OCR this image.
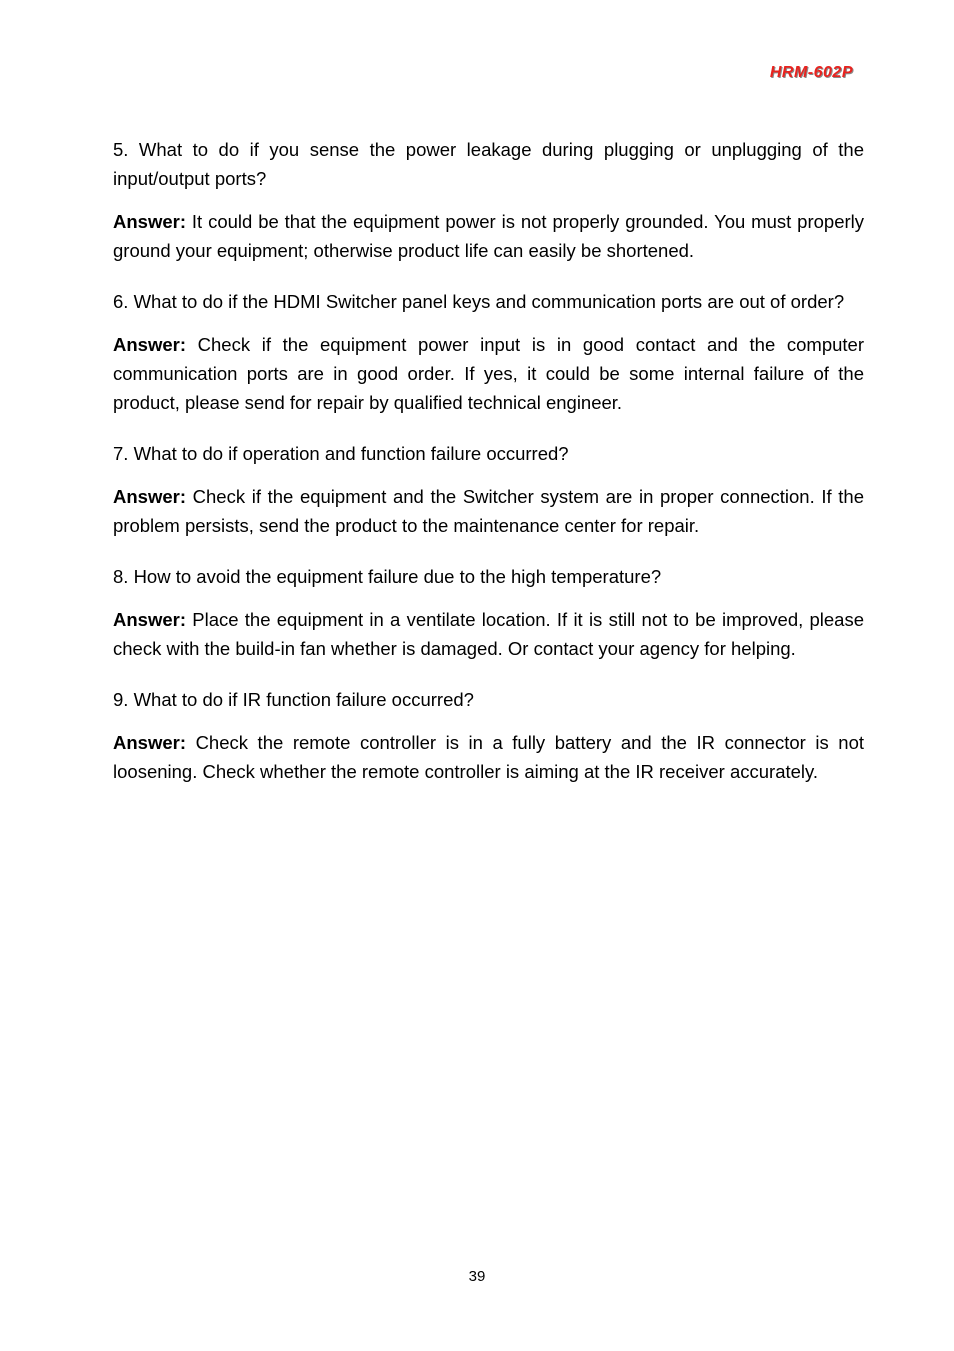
HRM-602P

5. What to do if you sense the power leakage during plugging or unplugging of the input/output ports?

Answer: It could be that the equipment power is not properly grounded. You must properly ground your equipment; otherwise product life can easily be shortened.

6. What to do if the HDMI Switcher panel keys and communication ports are out of order?

Answer: Check if the equipment power input is in good contact and the computer communication ports are in good order. If yes, it could be some internal failure of the product, please send for repair by qualified technical engineer.

7. What to do if operation and function failure occurred?

Answer: Check if the equipment and the Switcher system are in proper connection. If the problem persists, send the product to the maintenance center for repair.

8. How to avoid the equipment failure due to the high temperature?

Answer: Place the equipment in a ventilate location. If it is still not to be improved, please check with the build-in fan whether is damaged. Or contact your agency for helping.

9. What to do if IR function failure occurred?

Answer: Check the remote controller is in a fully battery and the IR connector is not loosening. Check whether the remote controller is aiming at the IR receiver accurately.

39
